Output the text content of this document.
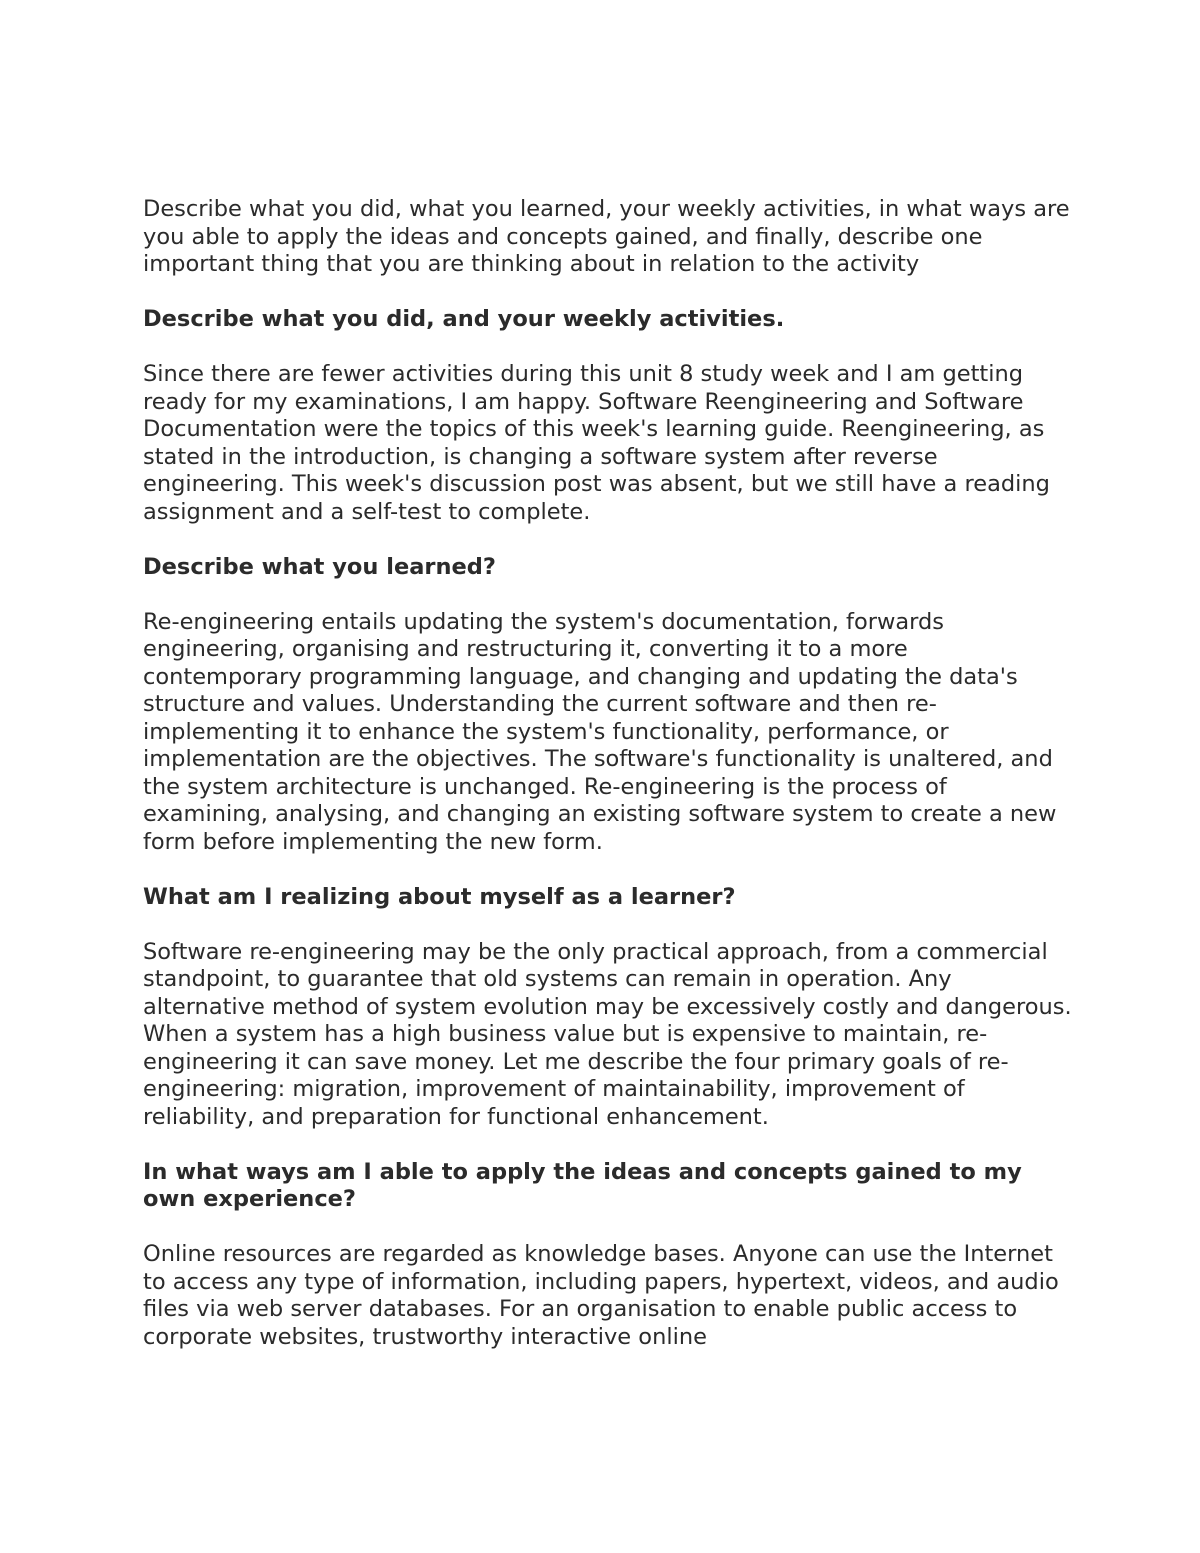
Describe what you did, what you learned, your weekly activities, in what ways are you able to apply the ideas and concepts gained, and finally, describe one important thing that you are thinking about in relation to the activity

Describe what you did, and your weekly activities.

Since there are fewer activities during this unit 8 study week and I am getting ready for my examinations, I am happy. Software Reengineering and Software Documentation were the topics of this week's learning guide. Reengineering, as stated in the introduction, is changing a software system after reverse engineering. This week's discussion post was absent, but we still have a reading assignment and a self-test to complete.

Describe what you learned?

Re-engineering entails updating the system's documentation, forwards engineering, organising and restructuring it, converting it to a more contemporary programming language, and changing and updating the data's structure and values. Understanding the current software and then re-implementing it to enhance the system's functionality, performance, or implementation are the objectives. The software's functionality is unaltered, and the system architecture is unchanged. Re-engineering is the process of examining, analysing, and changing an existing software system to create a new form before implementing the new form.

What am I realizing about myself as a learner?

Software re-engineering may be the only practical approach, from a commercial standpoint, to guarantee that old systems can remain in operation. Any alternative method of system evolution may be excessively costly and dangerous. When a system has a high business value but is expensive to maintain, re-engineering it can save money. Let me describe the four primary goals of re-engineering: migration, improvement of maintainability, improvement of reliability, and preparation for functional enhancement.

In what ways am I able to apply the ideas and concepts gained to my own experience?

Online resources are regarded as knowledge bases. Anyone can use the Internet to access any type of information, including papers, hypertext, videos, and audio files via web server databases. For an organisation to enable public access to corporate websites, trustworthy interactive online
